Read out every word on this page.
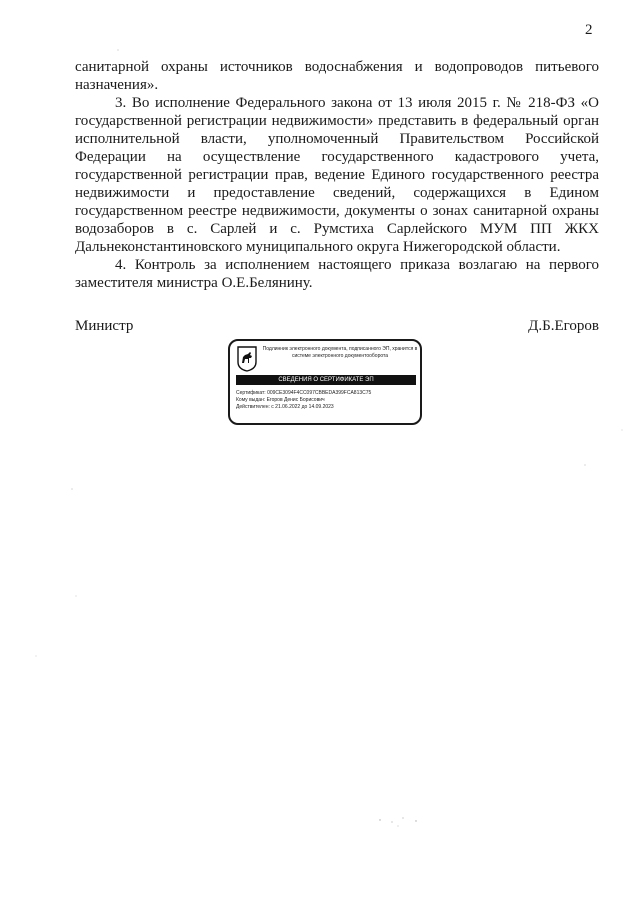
2

санитарной охраны источников водоснабжения и водопроводов питьевого назначения».

3. Во исполнение Федерального закона от 13 июля 2015 г. № 218-ФЗ «О государственной регистрации недвижимости» представить в федеральный орган исполнительной власти, уполномоченный Правительством Российской Федерации на осуществление государственного кадастрового учета, государственной регистрации прав, ведение Единого государственного реестра недвижимости и предоставление сведений, содержащихся в Едином государственном реестре недвижимости, документы о зонах санитарной охраны водозаборов в с. Сарлей и с. Румстиха Сарлейского МУМ ПП ЖКХ Дальнеконстантиновского муниципального округа Нижегородской области.

4. Контроль за исполнением настоящего приказа возлагаю на первого заместителя министра О.Е.Белянину.

Министр	Д.Б.Егоров
Подлинник электронного документа, подписанного ЭП, хранится в системе электронного документооборота
СВЕДЕНИЯ О СЕРТИФИКАТЕ ЭП
Сертификат: 009CE3094F4CC097CBBEDA399FCA813C75
Кому выдан: Егоров Денис Борисович
Действителен: с 21.06.2022 до 14.09.2023
